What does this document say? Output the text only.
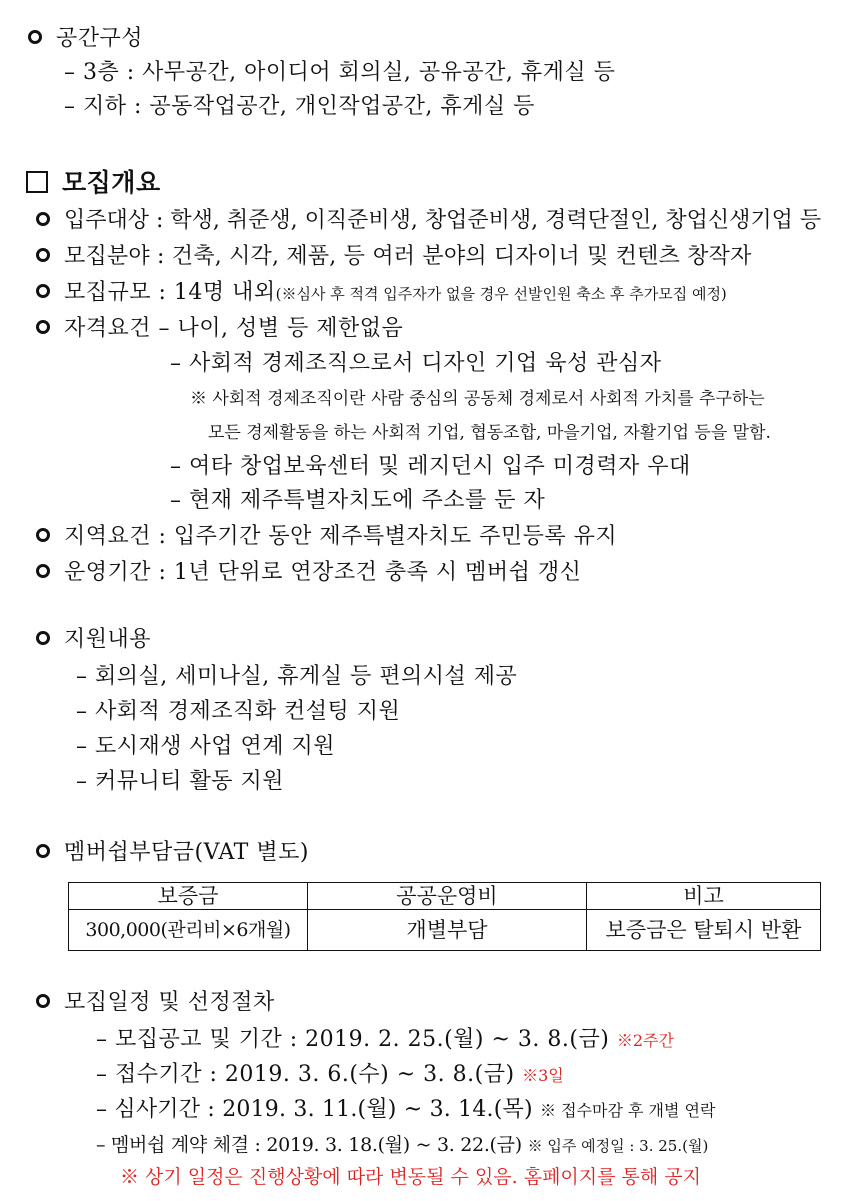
공간구성
– 3층 : 사무공간, 아이디어 회의실, 공유공간, 휴게실 등
– 지하 : 공동작업공간, 개인작업공간, 휴게실 등
모집개요
입주대상 : 학생, 취준생, 이직준비생, 창업준비생, 경력단절인, 창업신생기업 등
모집분야 : 건축, 시각, 제품, 등 여러 분야의 디자이너 및 컨텐츠 창작자
모집규모 : 14명 내외(※심사 후 적격 입주자가 없을 경우 선발인원 축소 후 추가모집 예정)
자격요건 – 나이, 성별 등 제한없음
– 사회적 경제조직으로서 디자인 기업 육성 관심자
※ 사회적 경제조직이란 사람 중심의 공동체 경제로서 사회적 가치를 추구하는
모든 경제활동을 하는 사회적 기업, 협동조합, 마을기업, 자활기업 등을 말함.
– 여타 창업보육센터 및 레지던시 입주 미경력자 우대
– 현재 제주특별자치도에 주소를 둔 자
지역요건 : 입주기간 동안 제주특별자치도 주민등록 유지
운영기간 : 1년 단위로 연장조건 충족 시 멤버쉽 갱신
지원내용
– 회의실, 세미나실, 휴게실 등 편의시설 제공
– 사회적 경제조직화 컨설팅 지원
– 도시재생 사업 연계 지원
– 커뮤니티 활동 지원
멤버쉽부담금(VAT 별도)
보증금	공공운영비	비고
300,000(관리비×6개월)	개별부담	보증금은 탈퇴시 반환
모집일정 및 선정절차
– 모집공고 및 기간 : 2019. 2. 25.(월) ~ 3. 8.(금) ※2주간
– 접수기간 : 2019. 3. 6.(수) ~ 3. 8.(금) ※3일
– 심사기간 : 2019. 3. 11.(월) ~ 3. 14.(목) ※ 접수마감 후 개별 연락
– 멤버쉽 계약 체결 : 2019. 3. 18.(월) ~ 3. 22.(금) ※ 입주 예정일 : 3. 25.(월)
※ 상기 일정은 진행상황에 따라 변동될 수 있음. 홈페이지를 통해 공지
